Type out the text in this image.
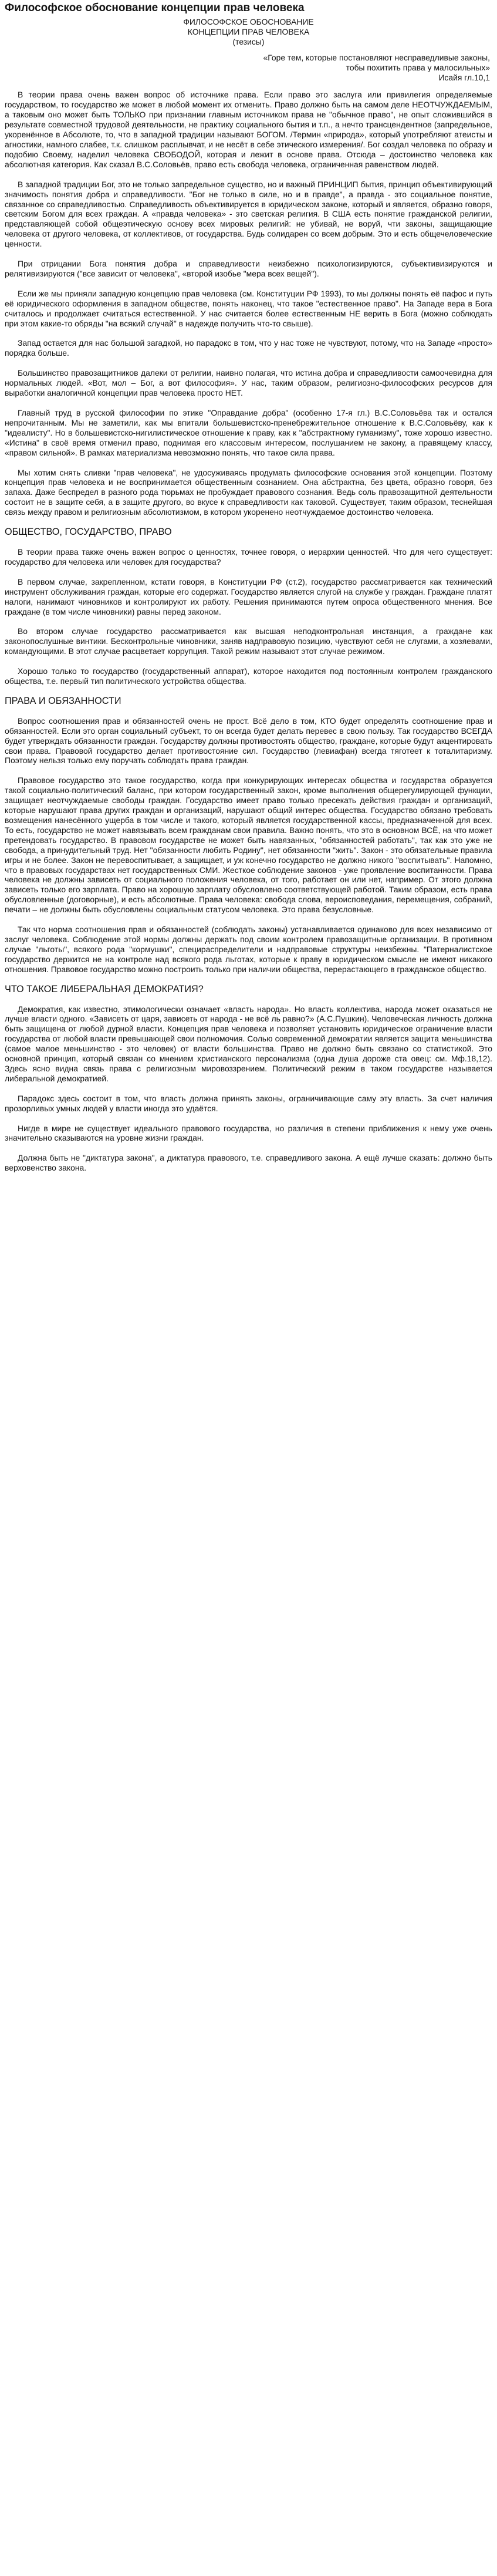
Философское обоснование концепции прав человека

ФИЛОСОФСКОЕ ОБОСНОВАНИЕ

КОНЦЕПЦИИ ПРАВ ЧЕЛОВЕКА

(тезисы)

«Горе тем, которые постановляют несправедливые законы,

тобы похитить права у малосильных»

Исайя гл.10,1

В теории права очень важен вопрос об источнике права. Если право это заслуга или привилегия определяемые государством, то государство же может в любой момент их отменить. Право должно быть на самом деле НЕОТЧУЖДАЕМЫМ, а таковым оно может быть ТОЛЬКО при признании главным источником права не "обычное право", не опыт сложившийся в результате совместной трудовой деятельности, не практику социального бытия и т.п., а нечто трансцендентное (запредельное, укоренённое в Абсолюте, то, что в западной традиции называют БОГОМ. /Термин «природа», который употребляют атеисты и агностики, намного слабее, т.к. слишком расплывчат, и не несёт в себе этического измерения/. Бог создал человека по образу и подобию Своему, наделил человека СВОБОДОЙ, которая и лежит в основе права. Отсюда – достоинство человека как абсолютная категория. Как сказал В.С.Соловьёв, право есть свобода человека, ограниченная равенством людей.

В западной традиции Бог, это не только запредельное существо, но и важный ПРИНЦИП бытия, принцип объективирующий значимость понятия добра и справедливости. "Бог не только в силе, но и в правде", а правда - это социальное понятие, связанное со справедливостью. Справедливость объективируется в юридическом законе, который и является, образно говоря, светским Богом для всех граждан. А «правда человека» - это светская религия. В США есть понятие гражданской религии, представляющей собой общеэтическую основу всех мировых религий: не убивай, не воруй, чти законы, защищающие человека от другого человека, от коллективов, от государства. Будь солидарен со всем добрым. Это и есть общечеловеческие ценности.

При отрицании Бога понятия добра и справедливости неизбежно психологизируются, субъективизируются и релятивизируются ("все зависит от человека", «второй изобье "мера всех вещей").

Если же мы приняли западную концепцию прав человека (см. Конституции РФ 1993), то мы должны понять её пафос и путь её юридического оформления в западном обществе, понять наконец, что такое "естественное право". На Западе вера в Бога считалось и продолжает считаться естественной. У нас считается более естественным НЕ верить в Бога (можно соблюдать при этом какие-то обряды "на всякий случай" в надежде получить что-то свыше).

Запад остается для нас большой загадкой, но парадокс в том, что у нас тоже не чувствуют, потому, что на Западе «просто» порядка больше.

Большинство правозащитников далеки от религии, наивно полагая, что истина добра и справедливости самоочевидна для нормальных людей. «Вот, мол – Бог, а вот философия». У нас, таким образом, религиозно-философских ресурсов для выработки аналогичной концепции прав человека просто НЕТ.

Главный труд в русской философии по этике "Оправдание добра" (особенно 17-я гл.) В.С.Соловьёва так и остался непрочитанным. Мы не заметили, как мы впитали большевистско-пренебрежительное отношение к В.С.Соловьёву, как к "идеалисту". Но в большевистско-нигилистическое отношение к праву, как к "абстрактному гуманизму", тоже хорошо известно. «Истина" в своё время отменил право, поднимая его классовым интересом, послушанием не закону, а правящему классу, «правом сильной». В рамках материализма невозможно понять, что такое сила права.

Мы хотим снять сливки "прав человека", не удосуживаясь продумать философские основания этой концепции. Поэтому концепция прав человека и не воспринимается общественным сознанием. Она абстрактна, без цвета, образно говоря, без запаха. Даже беспредел в разного рода тюрьмах не пробуждает правового сознания. Ведь соль правозащитной деятельности состоит не в защите себя, а в защите другого, во вкусе к справедливости как таковой. Существует, таким образом, теснейшая связь между правом и религиозным абсолютизмом, в котором укоренено неотчуждаемое достоинство человека.

ОБЩЕСТВО, ГОСУДАРСТВО, ПРАВО

В теории права также очень важен вопрос о ценностях, точнее говоря, о иерархии ценностей. Что для чего существует: государство для человека или человек для государства?

В первом случае, закрепленном, кстати говоря, в Конституции РФ (ст.2), государство рассматривается как технический инструмент обслуживания граждан, которые его содержат. Государство является слугой на службе у граждан. Граждане платят налоги, нанимают чиновников и контролируют их работу. Решения принимаются путем опроса общественного мнения. Все граждане (в том числе чиновники) равны перед законом.

Во втором случае государство рассматривается как высшая неподконтрольная инстанция, а граждане как законопослушные винтики. Бесконтрольные чиновники, заняв надправовую позицию, чувствуют себя не слугами, а хозяевами, командующими. В этот случае расцветает коррупция. Такой режим называют этот случае режимом.

Хорошо только то государство (государственный аппарат), которое находится под постоянным контролем гражданского общества, т.е. первый тип политического устройства общества.

ПРАВА И ОБЯЗАННОСТИ

Вопрос соотношения прав и обязанностей очень не прост. Всё дело в том, КТО будет определять соотношение прав и обязанностей. Если это орган социальный субъект, то он всегда будет делать перевес в свою пользу. Так государство ВСЕГДА будет утверждать обязанности граждан. Государству должны противостоять общество, граждане, которые будут акцентировать свои права. Правовой государство делает противостояние сил. Государство (левиафан) всегда тяготеет к тоталитаризму. Поэтому нельзя только ему поручать соблюдать права граждан.

Правовое государство это такое государство, когда при конкурирующих интересах общества и государства образуется такой социально-политический баланс, при котором государственный закон, кроме выполнения общерегулирующей функции, защищает неотчуждаемые свободы граждан. Государство имеет право только пресекать действия граждан и организаций, которые нарушают права других граждан и организаций, нарушают общий интерес общества. Государство обязано требовать возмещения нанесённого ущерба в том числе и такого, который является государственной кассы, предназначенной для всех. То есть, государство не может навязывать всем гражданам свои правила. Важно понять, что это в основном ВСЁ, на что может претендовать государство. В правовом государстве не может быть навязанных, "обязанностей работать", так как это уже не свобода, а принудительный труд. Нет "обязанности любить Родину", нет обязанности "жить". Закон - это обязательные правила игры и не более. Закон не перевоспитывает, а защищает, и уж конечно государство не должно никого "воспитывать". Напомню, что в правовых государствах нет государственных СМИ. Жесткое соблюдение законов - уже проявление воспитанности. Права человека не должны зависеть от социального положения человека, от того, работает он или нет, например. От этого должна зависеть только его зарплата. Право на хорошую зарплату обусловлено соответствующей работой. Таким образом, есть права обусловленные (договорные), и есть абсолютные. Права человека: свобода слова, вероисповедания, перемещения, собраний, печати – не должны быть обусловлены социальным статусом человека. Это права безусловные.

Так что норма соотношения прав и обязанностей (соблюдать законы) устанавливается одинаково для всех независимо от заслуг человека. Соблюдение этой нормы должны держать под своим контролем правозащитные организации. В противном случае "льготы", всякого рода "кормушки", специраспределители и надправовые структуры неизбежны. "Патерналистское государство держится не на контроле над всякого рода льготах, которые к праву в юридическом смысле не имеют никакого отношения. Правовое государство можно построить только при наличии общества, перерастающего в гражданское общество.

ЧТО ТАКОЕ ЛИБЕРАЛЬНАЯ ДЕМОКРАТИЯ?

Демократия, как известно, этимологически означает «власть народа». Но власть коллектива, народа может оказаться не лучше власти одного. «Зависеть от царя, зависеть от народа - не всё ль равно?» (А.С.Пушкин). Человеческая личность должна быть защищена от любой дурной власти. Концепция прав человека и позволяет установить юридическое ограничение власти государства от любой власти превышающей свои полномочия. Солью современной демократии является защита меньшинства (самое малое меньшинство - это человек) от власти большинства. Право не должно быть связано со статистикой. Это основной принцип, который связан со мнением христианского персонализма (одна душа дороже ста овец: см. Мф.18,12). Здесь ясно видна связь права с религиозным мировоззрением. Политический режим в таком государстве называется либеральной демократией.

Парадокс здесь состоит в том, что власть должна принять законы, ограничивающие саму эту власть. За счет наличия прозорливых умных людей у власти иногда это удаётся.

Нигде в мире не существует идеального правового государства, но различия в степени приближения к нему уже очень значительно сказываются на уровне жизни граждан.

Должна быть не "диктатура закона", а диктатура правового, т.е. справедливого закона. А ещё лучше сказать: должно быть верховенство закона.
